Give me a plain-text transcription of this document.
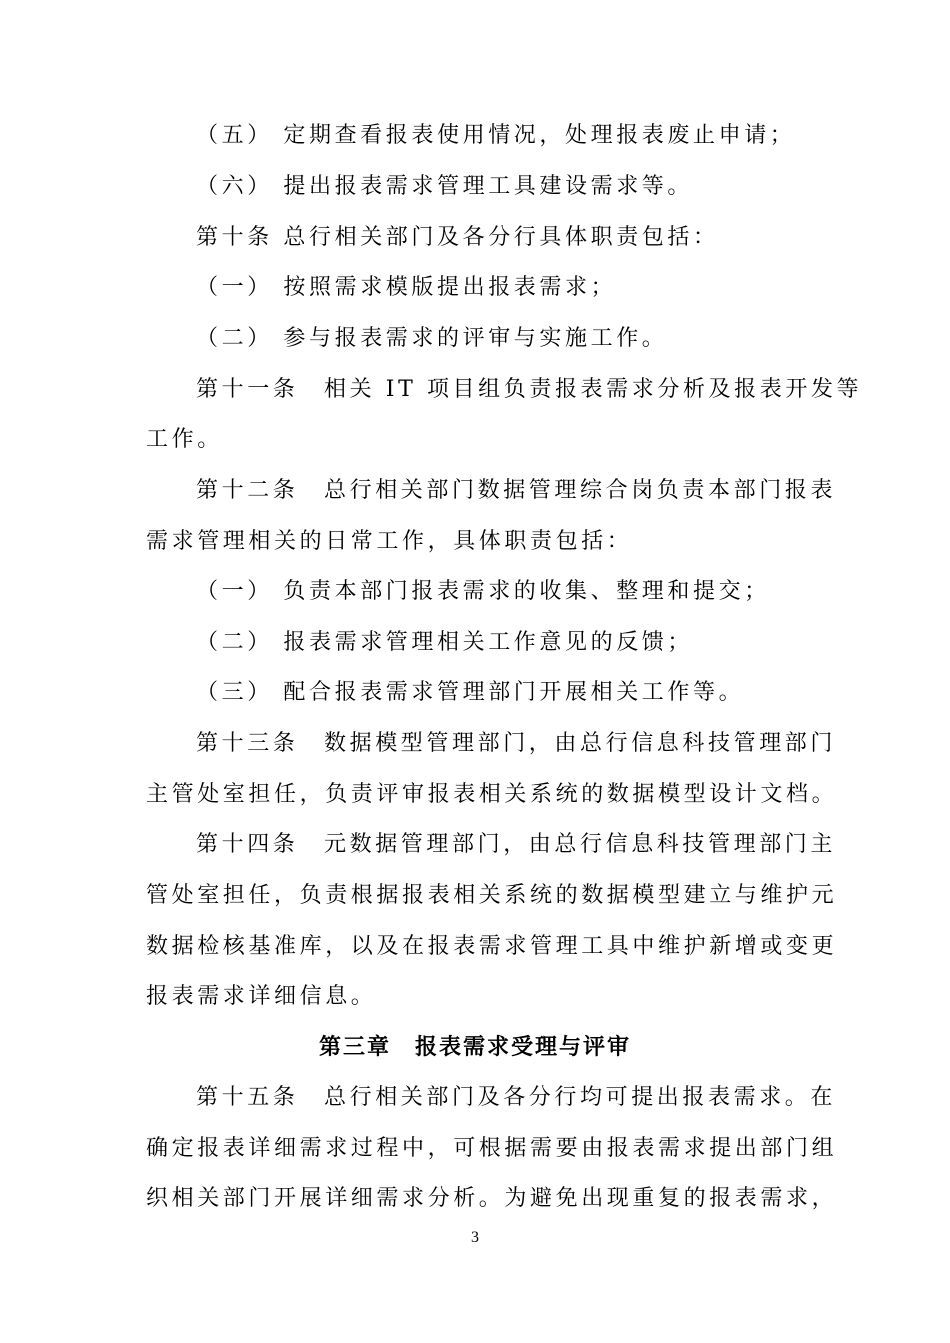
（五） 定期查看报表使用情况，处理报表废止申请；
（六） 提出报表需求管理工具建设需求等。
第十条 总行相关部门及各分行具体职责包括：
（一） 按照需求模版提出报表需求；
（二） 参与报表需求的评审与实施工作。
第十一条　相关 IT 项目组负责报表需求分析及报表开发等
工作。
第十二条　总行相关部门数据管理综合岗负责本部门报表
需求管理相关的日常工作，具体职责包括：
（一） 负责本部门报表需求的收集、整理和提交；
（二） 报表需求管理相关工作意见的反馈；
（三） 配合报表需求管理部门开展相关工作等。
第十三条　数据模型管理部门，由总行信息科技管理部门
主管处室担任，负责评审报表相关系统的数据模型设计文档。
第十四条　元数据管理部门，由总行信息科技管理部门主
管处室担任，负责根据报表相关系统的数据模型建立与维护元
数据检核基准库，以及在报表需求管理工具中维护新增或变更
报表需求详细信息。
第三章　报表需求受理与评审
第十五条　总行相关部门及各分行均可提出报表需求。在
确定报表详细需求过程中，可根据需要由报表需求提出部门组
织相关部门开展详细需求分析。为避免出现重复的报表需求，
3
